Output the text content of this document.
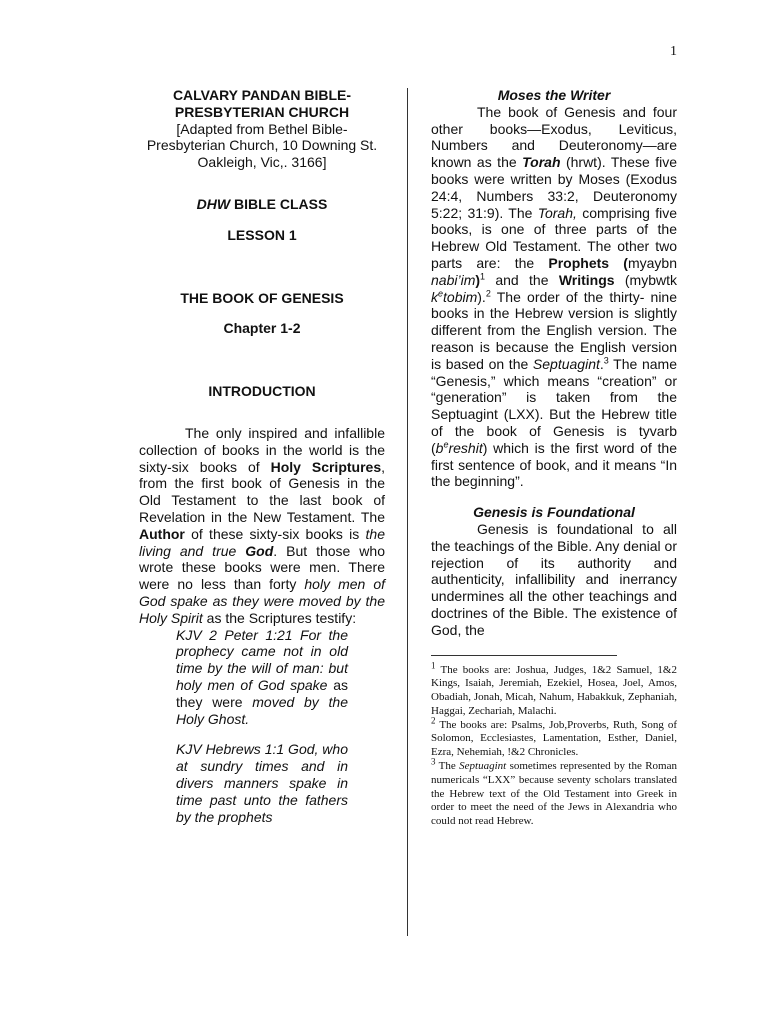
1

CALVARY PANDAN BIBLE-PRESBYTERIAN CHURCH

[Adapted from Bethel Bible-Presbyterian Church, 10 Downing St. Oakleigh, Vic,. 3166]

DHW BIBLE CLASS

LESSON 1

THE BOOK OF GENESIS

Chapter 1-2

INTRODUCTION

The only inspired and infallible collection of books in the world is the sixty-six books of Holy Scriptures, from the first book of Genesis in the Old Testament to the last book of Revelation in the New Testament. The Author of these sixty-six books is the living and true God. But those who wrote these books were men. There were no less than forty holy men of God spake as they were moved by the Holy Spirit as the Scriptures testify:

KJV 2 Peter 1:21 For the prophecy came not in old time by the will of man: but holy men of God spake as they were moved by the Holy Ghost.
KJV Hebrews 1:1 God, who at sundry times and in divers manners spake in time past unto the fathers by the prophets

Moses the Writer

The book of Genesis and four other books—Exodus, Leviticus, Numbers and Deuteronomy—are known as the Torah (hrwt). These five books were written by Moses (Exodus 24:4, Numbers 33:2, Deuteronomy 5:22; 31:9). The Torah, comprising five books, is one of three parts of the Hebrew Old Testament. The other two parts are: the Prophets (myaybn nabi’im)$^1$ and the Writings (mybwtk $k^etobim).^2$ The order of the thirty- nine books in the Hebrew version is slightly different from the English version. The reason is because the English version is based on the Septuagint.$^3$ The name “Genesis,” which means “creation” or “generation” is taken from the Septuagint (LXX). But the Hebrew title of the book of Genesis is tyvarb $(b^ereshit)$ which is the first word of the first sentence of book, and it means “In the beginning”.

Genesis is Foundational

Genesis is foundational to all the teachings of the Bible. Any denial or rejection of its authority and authenticity, infallibility and inerrancy undermines all the other teachings and doctrines of the Bible. The existence of God, the

$^1$ The books are: Joshua, Judges, 1&2 Samuel, 1&2 Kings, Isaiah, Jeremiah, Ezekiel, Hosea, Joel, Amos, Obadiah, Jonah, Micah, Nahum, Habakkuk, Zephaniah, Haggai, Zechariah, Malachi.
$^2$ The books are: Psalms, Job,Proverbs, Ruth, Song of Solomon, Ecclesiastes, Lamentation, Esther, Daniel, Ezra, Nehemiah, !&2 Chronicles.
$^3$ The Septuagint sometimes represented by the Roman numericals “LXX” because seventy scholars translated the Hebrew text of the Old Testament into Greek in order to meet the need of the Jews in Alexandria who could not read Hebrew.
